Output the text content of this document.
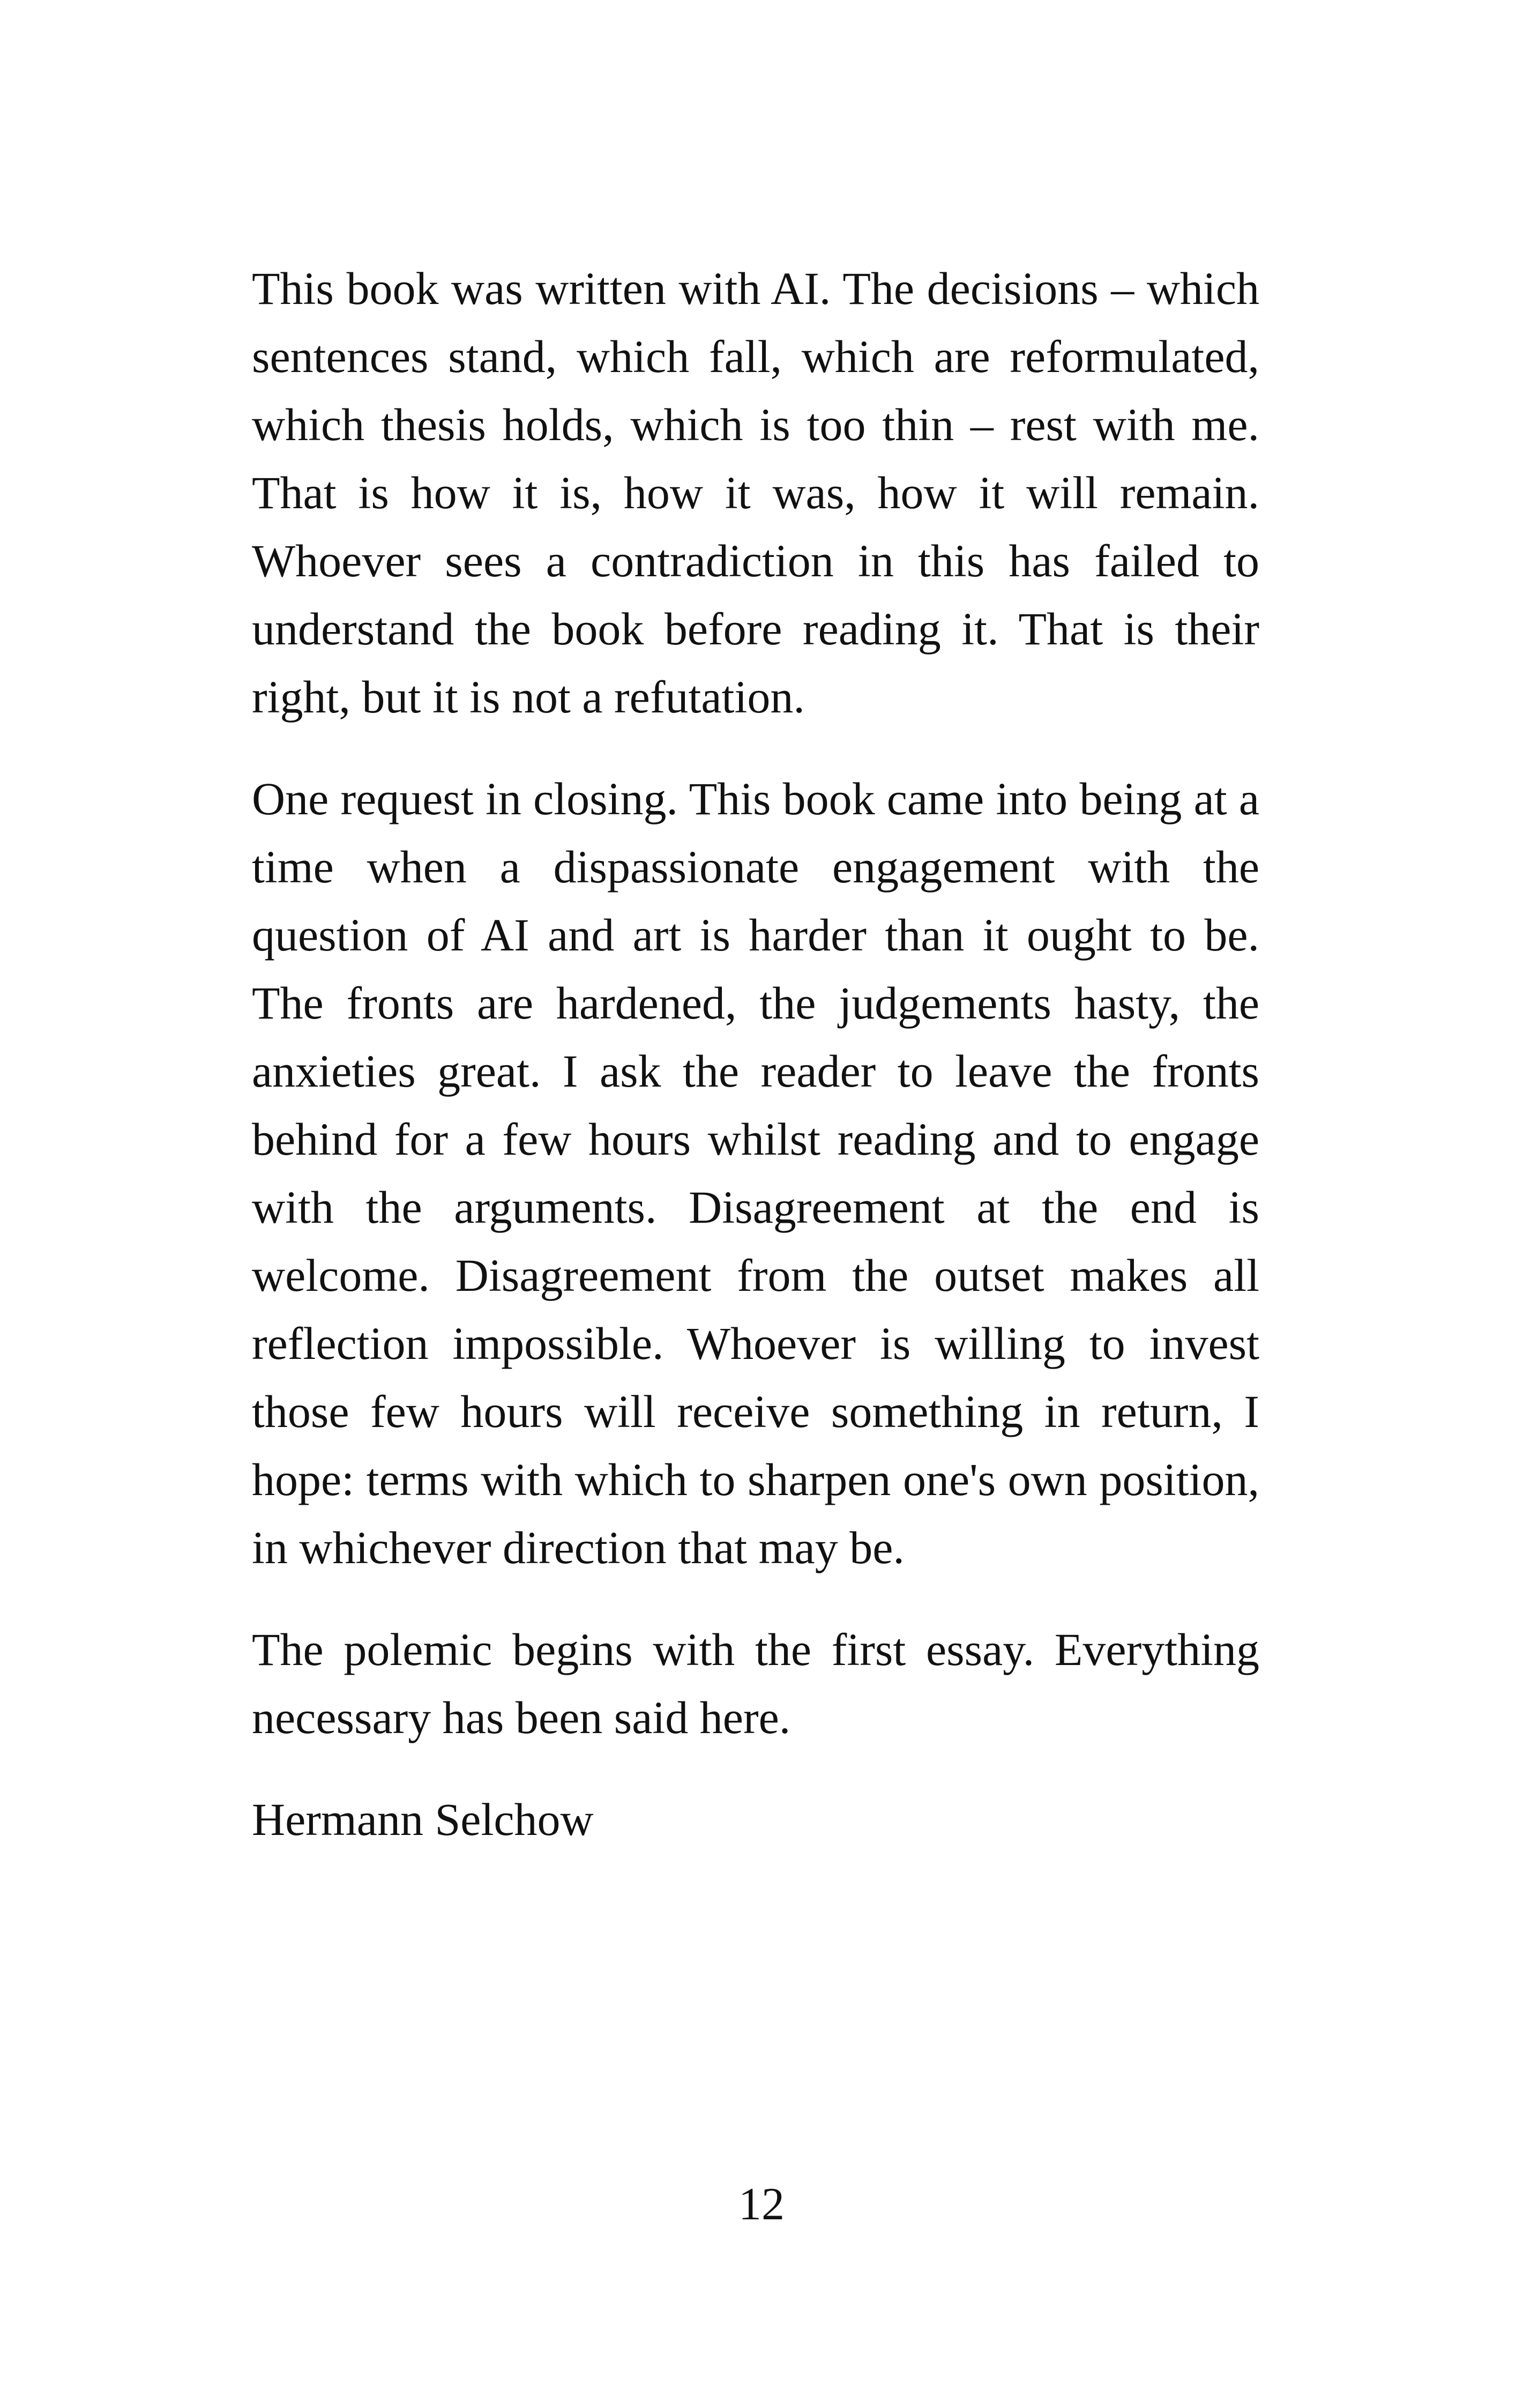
This book was written with AI. The decisions – which sentences stand, which fall, which are reformulated, which thesis holds, which is too thin – rest with me. That is how it is, how it was, how it will remain. Whoever sees a contradiction in this has failed to understand the book before reading it. That is their right, but it is not a refutation.

One request in closing. This book came into being at a time when a dispassionate engagement with the question of AI and art is harder than it ought to be. The fronts are hardened, the judgements hasty, the anxieties great. I ask the reader to leave the fronts behind for a few hours whilst reading and to engage with the arguments. Disagreement at the end is welcome. Disagreement from the outset makes all reflection impossible. Whoever is willing to invest those few hours will receive something in return, I hope: terms with which to sharpen one's own position, in whichever direction that may be.

The polemic begins with the first essay. Everything necessary has been said here.

Hermann Selchow

12
